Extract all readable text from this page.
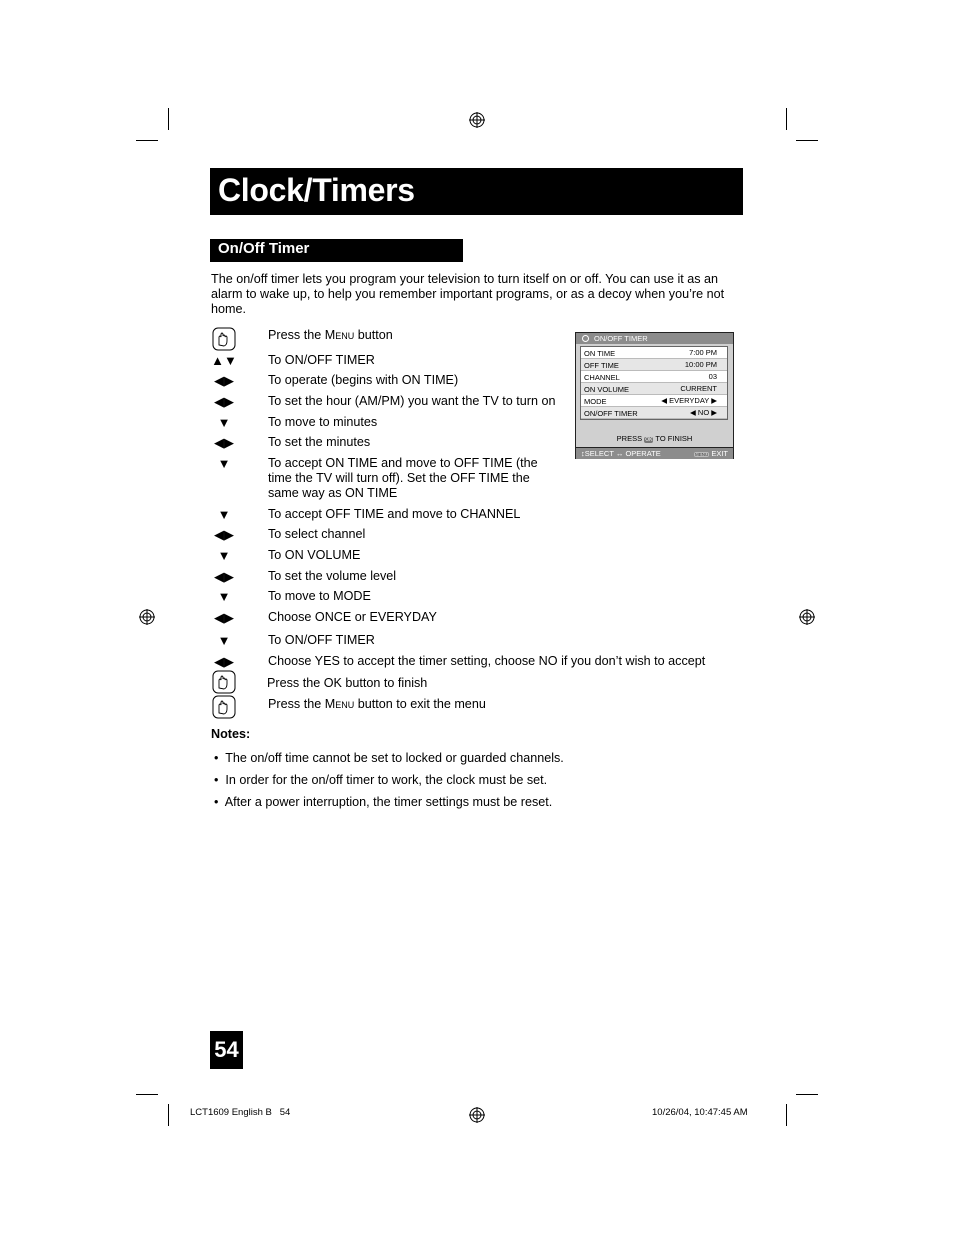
Clock/Timers
On/Off Timer
The on/off timer lets you program your television to turn itself on or off. You can use it as an alarm to wake up, to help you remember important programs, or as a decoy when you’re not home.
Press the Menu button
▲▼ To ON/OFF TIMER
◀▶	To operate (begins with ON TIME)
◀▶	To set the hour (AM/PM) you want the TV to turn on
▼	To move to minutes
◀▶	To set the minutes
▼	To accept ON TIME and move to OFF TIME (the time the TV will turn off). Set the OFF TIME the same way as ON TIME
▼	To accept OFF TIME and move to CHANNEL
◀▶	To select channel
▼	To ON VOLUME
◀▶	To set the volume level
▼	To move to MODE
◀▶	Choose ONCE or EVERYDAY
▼	To ON/OFF TIMER
◀▶	Choose YES to accept the timer setting, choose NO if you don’t wish to accept
Press the OK button to finish
Press the Menu button to exit the menu
ON/OFF TIMER
ON TIME	7:00 PM
OFF TIME	10:00 PM
CHANNEL	03
ON VOLUME	CURRENT
MODE	◀ EVERYDAY ▶
ON/OFF TIMER	◀ NO ▶
PRESS OK TO FINISH
↕SELECT ↔ OPERATE	MENU EXIT
Notes:
•  The on/off time cannot be set to locked or guarded channels.
•  In order for the on/off timer to work, the clock must be set.
•  After a power interruption, the timer settings must be reset.
54
LCT1609 English B   54	10/26/04, 10:47:45 AM
